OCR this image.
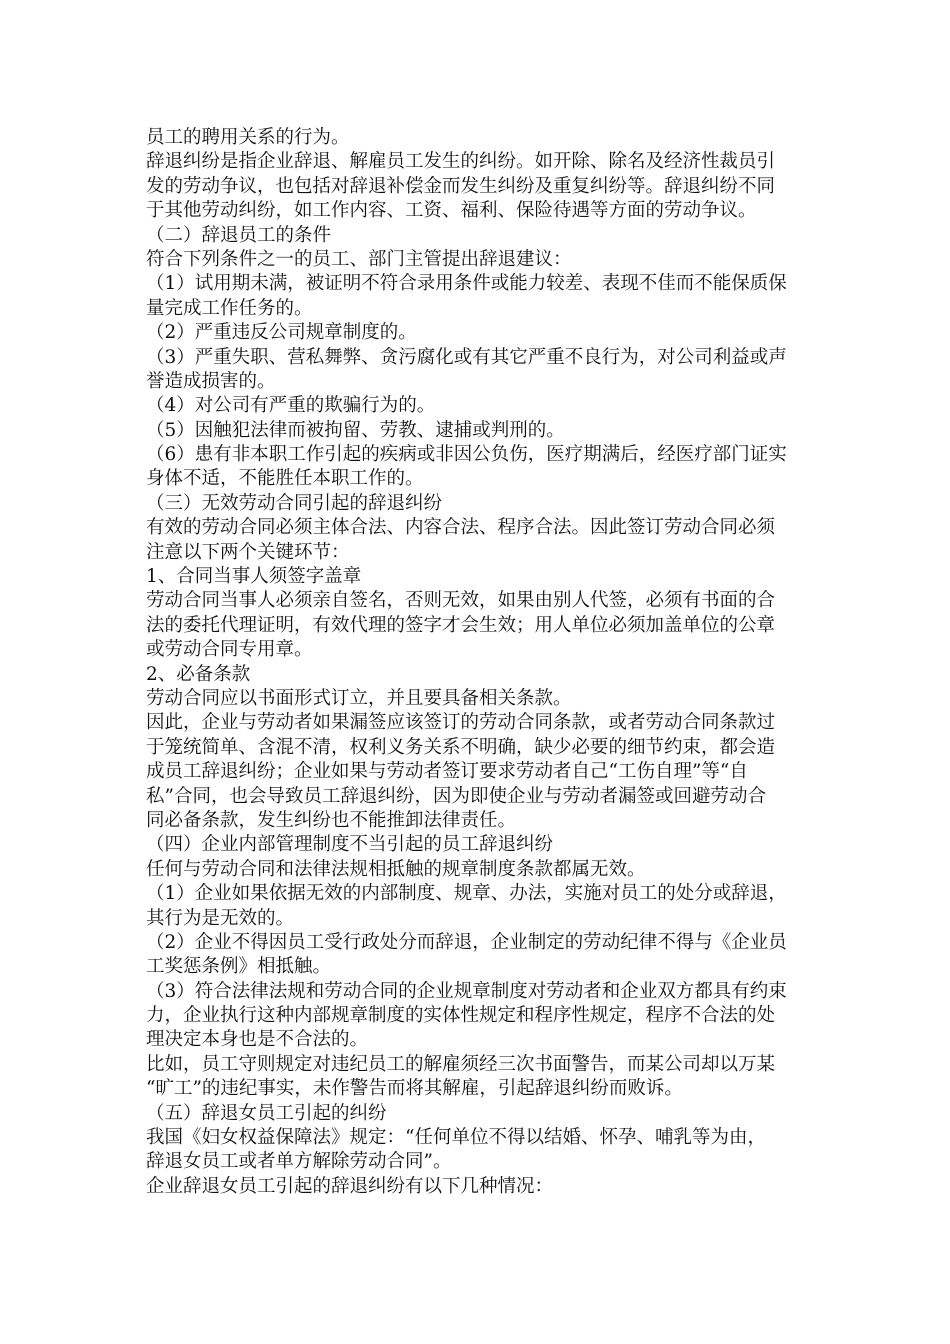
员工的聘用关系的行为。
辞退纠纷是指企业辞退、解雇员工发生的纠纷。如开除、除名及经济性裁员引
发的劳动争议，也包括对辞退补偿金而发生纠纷及重复纠纷等。辞退纠纷不同
于其他劳动纠纷，如工作内容、工资、福利、保险待遇等方面的劳动争议。
（二）辞退员工的条件
符合下列条件之一的员工、部门主管提出辞退建议：
（1）试用期未满，被证明不符合录用条件或能力较差、表现不佳而不能保质保
量完成工作任务的。
（2）严重违反公司规章制度的。
（3）严重失职、营私舞弊、贪污腐化或有其它严重不良行为，对公司利益或声
誉造成损害的。
（4）对公司有严重的欺骗行为的。
（5）因触犯法律而被拘留、劳教、逮捕或判刑的。
（6）患有非本职工作引起的疾病或非因公负伤，医疗期满后，经医疗部门证实
身体不适，不能胜任本职工作的。
（三）无效劳动合同引起的辞退纠纷
有效的劳动合同必须主体合法、内容合法、程序合法。因此签订劳动合同必须
注意以下两个关键环节：
1、合同当事人须签字盖章
劳动合同当事人必须亲自签名，否则无效，如果由别人代签，必须有书面的合
法的委托代理证明，有效代理的签字才会生效；用人单位必须加盖单位的公章
或劳动合同专用章。
2、必备条款
劳动合同应以书面形式订立，并且要具备相关条款。
因此，企业与劳动者如果漏签应该签订的劳动合同条款，或者劳动合同条款过
于笼统简单、含混不清，权利义务关系不明确，缺少必要的细节约束，都会造
成员工辞退纠纷；企业如果与劳动者签订要求劳动者自己“工伤自理”等“自
私”合同，也会导致员工辞退纠纷，因为即使企业与劳动者漏签或回避劳动合
同必备条款，发生纠纷也不能推卸法律责任。
（四）企业内部管理制度不当引起的员工辞退纠纷
任何与劳动合同和法律法规相抵触的规章制度条款都属无效。
（1）企业如果依据无效的内部制度、规章、办法，实施对员工的处分或辞退，
其行为是无效的。
（2）企业不得因员工受行政处分而辞退，企业制定的劳动纪律不得与《企业员
工奖惩条例》相抵触。
（3）符合法律法规和劳动合同的企业规章制度对劳动者和企业双方都具有约束
力，企业执行这种内部规章制度的实体性规定和程序性规定，程序不合法的处
理决定本身也是不合法的。
比如，员工守则规定对违纪员工的解雇须经三次书面警告，而某公司却以万某
“旷工”的违纪事实，未作警告而将其解雇，引起辞退纠纷而败诉。
（五）辞退女员工引起的纠纷
我国《妇女权益保障法》规定：“任何单位不得以结婚、怀孕、哺乳等为由，
辞退女员工或者单方解除劳动合同”。
企业辞退女员工引起的辞退纠纷有以下几种情况：
